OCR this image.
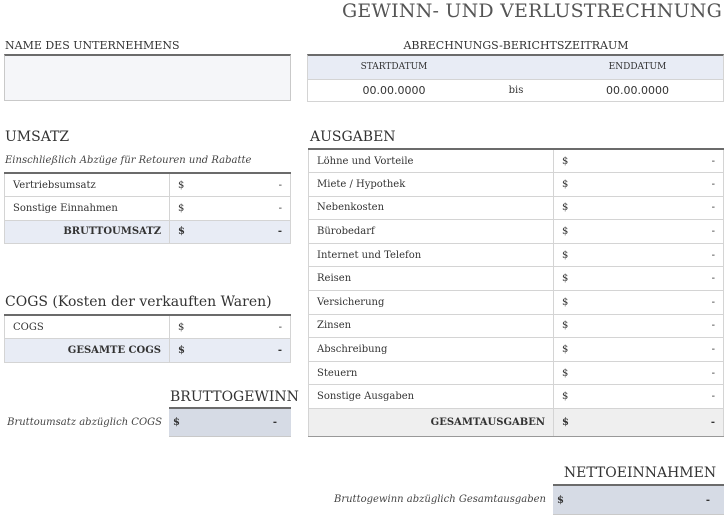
GEWINN- UND VERLUSTRECHNUNG
NAME DES UNTERNEHMENS	ABRECHNUNGS-BERICHTSZEITRAUM
STARTDATUM	ENDDATUM
00.00.0000	bis	00.00.0000
UMSATZ
Einschließlich Abzüge für Retouren und Rabatte
Vertriebsumsatz	$	-
Sonstige Einnahmen	$	-
BRUTTOUMSATZ	$	-
COGS (Kosten der verkauften Waren)
COGS	$	-
GESAMTE COGS	$	-
BRUTTOGEWINN
Bruttoumsatz abzüglich COGS $	-
AUSGABEN
Löhne und Vorteile	$	-
Miete / Hypothek	$	-
Nebenkosten	$	-
Bürobedarf	$	-
Internet und Telefon	$	-
Reisen	$	-
Versicherung	$	-
Zinsen	$	-
Abschreibung	$	-
Steuern	$	-
Sonstige Ausgaben	$	-
GESAMTAUSGABEN	$	-
NETTOEINNAHMEN
Bruttogewinn abzüglich Gesamtausgaben $	-
